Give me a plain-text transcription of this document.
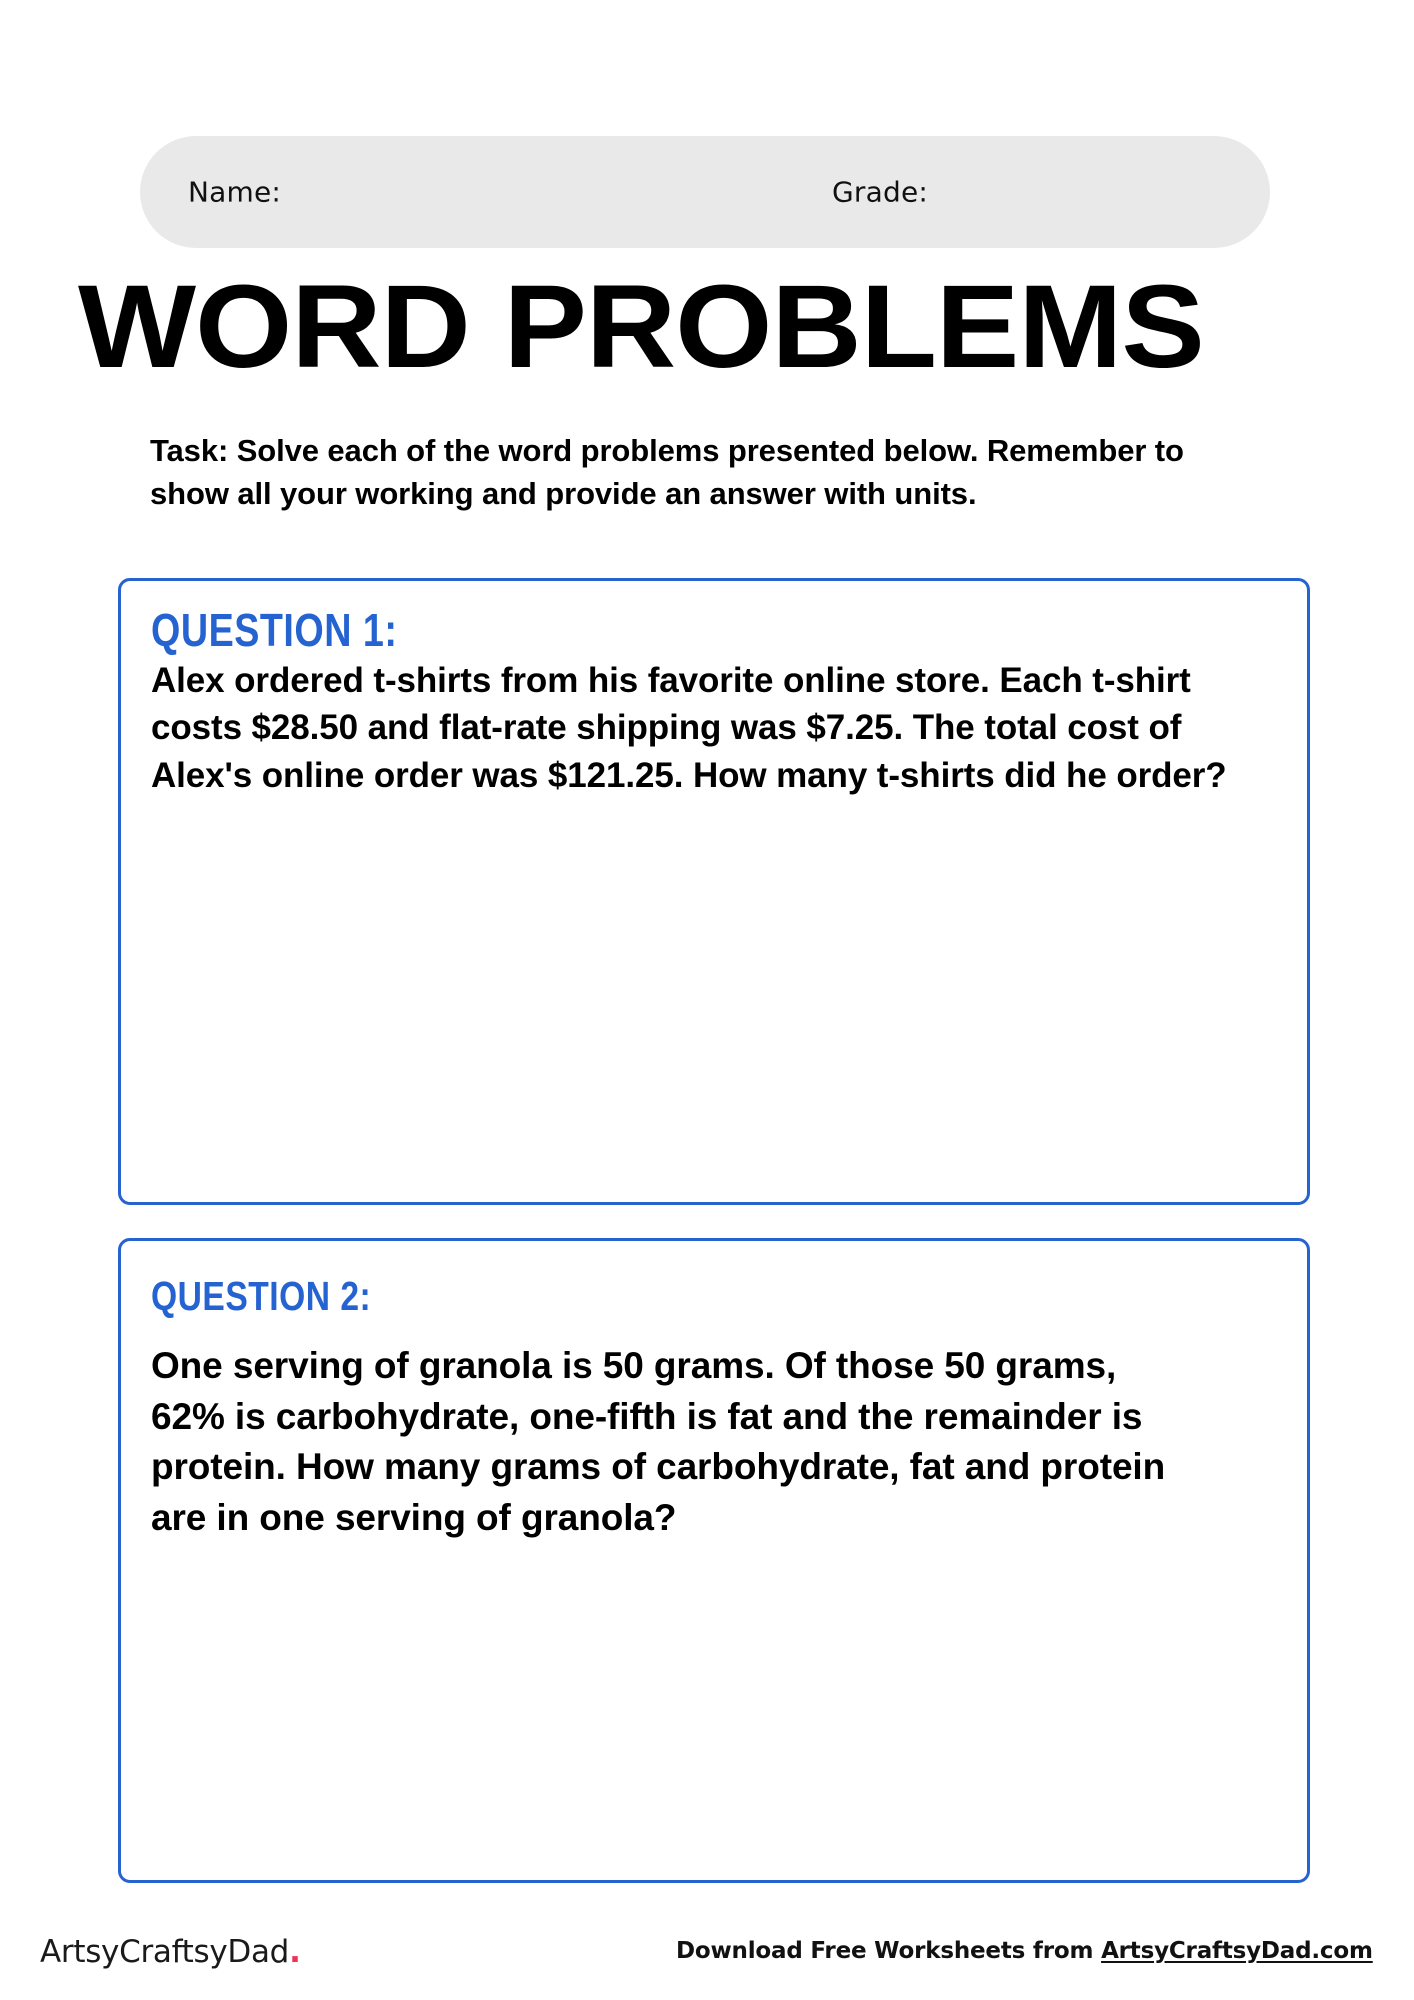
Name:	Grade:
WORD PROBLEMS
Task: Solve each of the word problems presented below. Remember to show all your working and provide an answer with units.
QUESTION 1:
Alex ordered t-shirts from his favorite online store. Each t-shirt costs $28.50 and flat-rate shipping was $7.25. The total cost of Alex's online order was $121.25. How many t-shirts did he order?
QUESTION 2:
One serving of granola is 50 grams. Of those 50 grams, 62% is carbohydrate, one-fifth is fat and the remainder is protein. How many grams of carbohydrate, fat and protein are in one serving of granola?
ArtsyCraftsyDad.	Download Free Worksheets from ArtsyCraftsyDad.com
